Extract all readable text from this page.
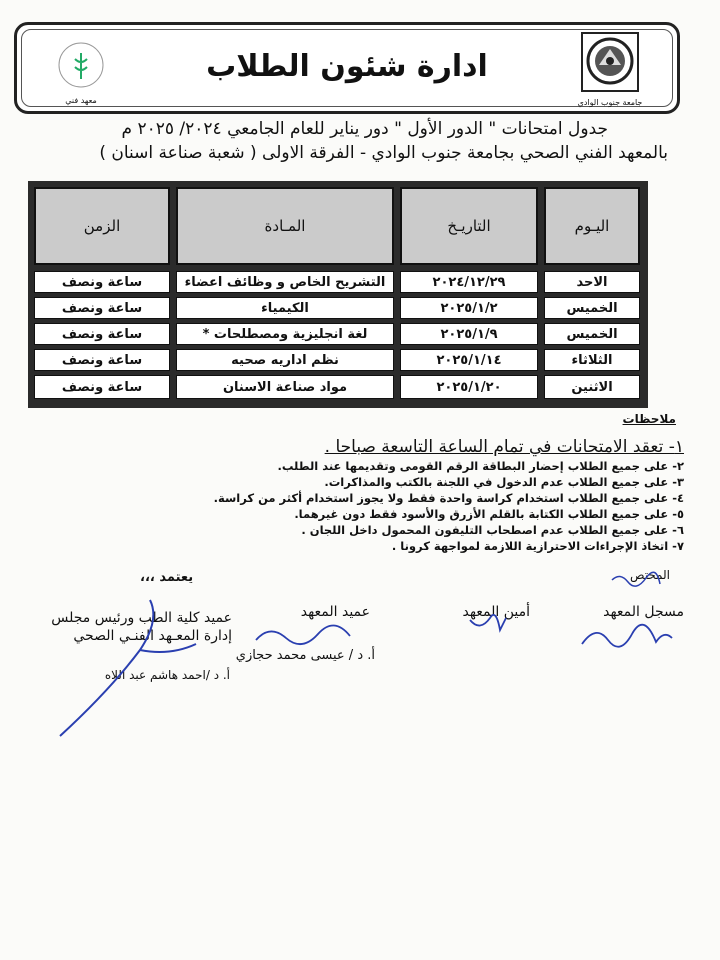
معهد فني
ادارة شئون الطلاب
جامعة جنوب الوادي
جدول امتحانات " الدور الأول " دور يناير للعام الجامعي ٢٠٢٤/ ٢٠٢٥ م
بالمعهد الفني الصحي بجامعة جنوب الوادي - الفرقة الاولى ( شعبة صناعة اسنان )
اليـوم
التاريـخ
المـادة
الزمن
الاحد
٢٠٢٤/١٢/٢٩
التشريح الخاص و وظائف اعضاء
ساعة ونصف
الخميس
٢٠٢٥/١/٢
الكيمياء
ساعة ونصف
الخميس
٢٠٢٥/١/٩
لغة انجليزية ومصطلحات *
ساعة ونصف
الثلاثاء
٢٠٢٥/١/١٤
نظم اداريه صحيه
ساعة ونصف
الاثنين
٢٠٢٥/١/٢٠
مواد صناعة الاسنان
ساعة ونصف
ملاحظات
١- تعقد الامتحانات في تمام الساعة التاسعة صباحا .
٢- على جميع الطلاب إحضار البطاقة الرقم القومى وتقديمها عند الطلب.
٣- على جميع الطلاب عدم الدخول في اللجنة بالكتب والمذاكرات.
٤- على جميع الطلاب استخدام كراسة واحدة فقط ولا يجوز استخدام أكثر من كراسة.
٥- على جميع الطلاب الكتابة بالقلم الأزرق والأسود فقط دون غيرهما.
٦- على جميع الطلاب عدم اصطحاب التليفون المحمول داخل اللجان .
٧- اتخاذ الإجراءات الاحترازية اللازمة لمواجهة كرونا .
يعتمد ،،،	المختص
مسجل المعهد
أمين المعهد
عميد المعهد
أ. د / عيسى محمد حجازي
عميد كلية الطب ورئيس مجلس
إدارة المعـهد الفنـي الصحي
أ. د /احمد هاشم عبد اللاه
